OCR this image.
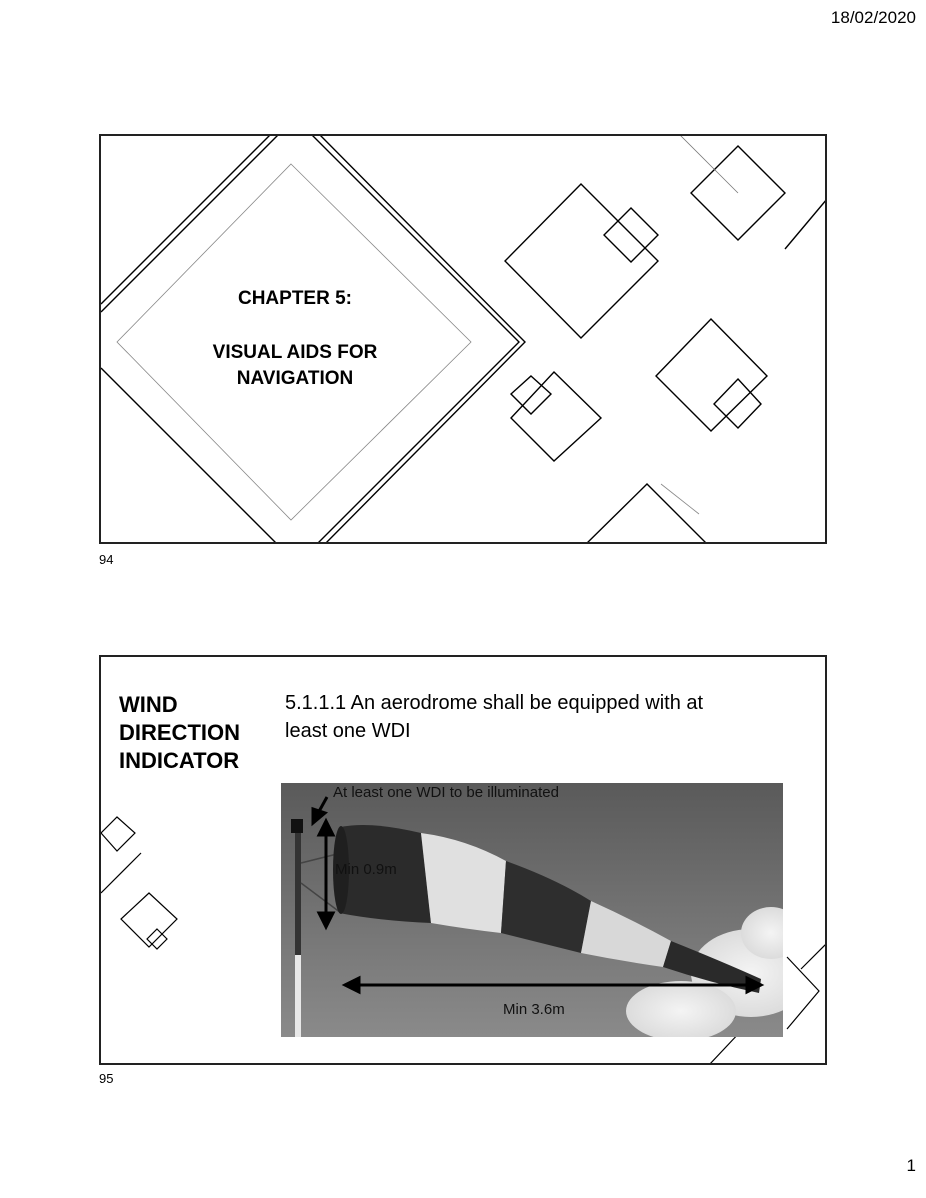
18/02/2020
CHAPTER 5:
VISUAL AIDS FOR
NAVIGATION
94
WIND
DIRECTION
INDICATOR
5.1.1.1 An aerodrome shall be equipped with at least one WDI
At least one WDI to be illuminated
Min 0.9m
Min 3.6m
95
1
